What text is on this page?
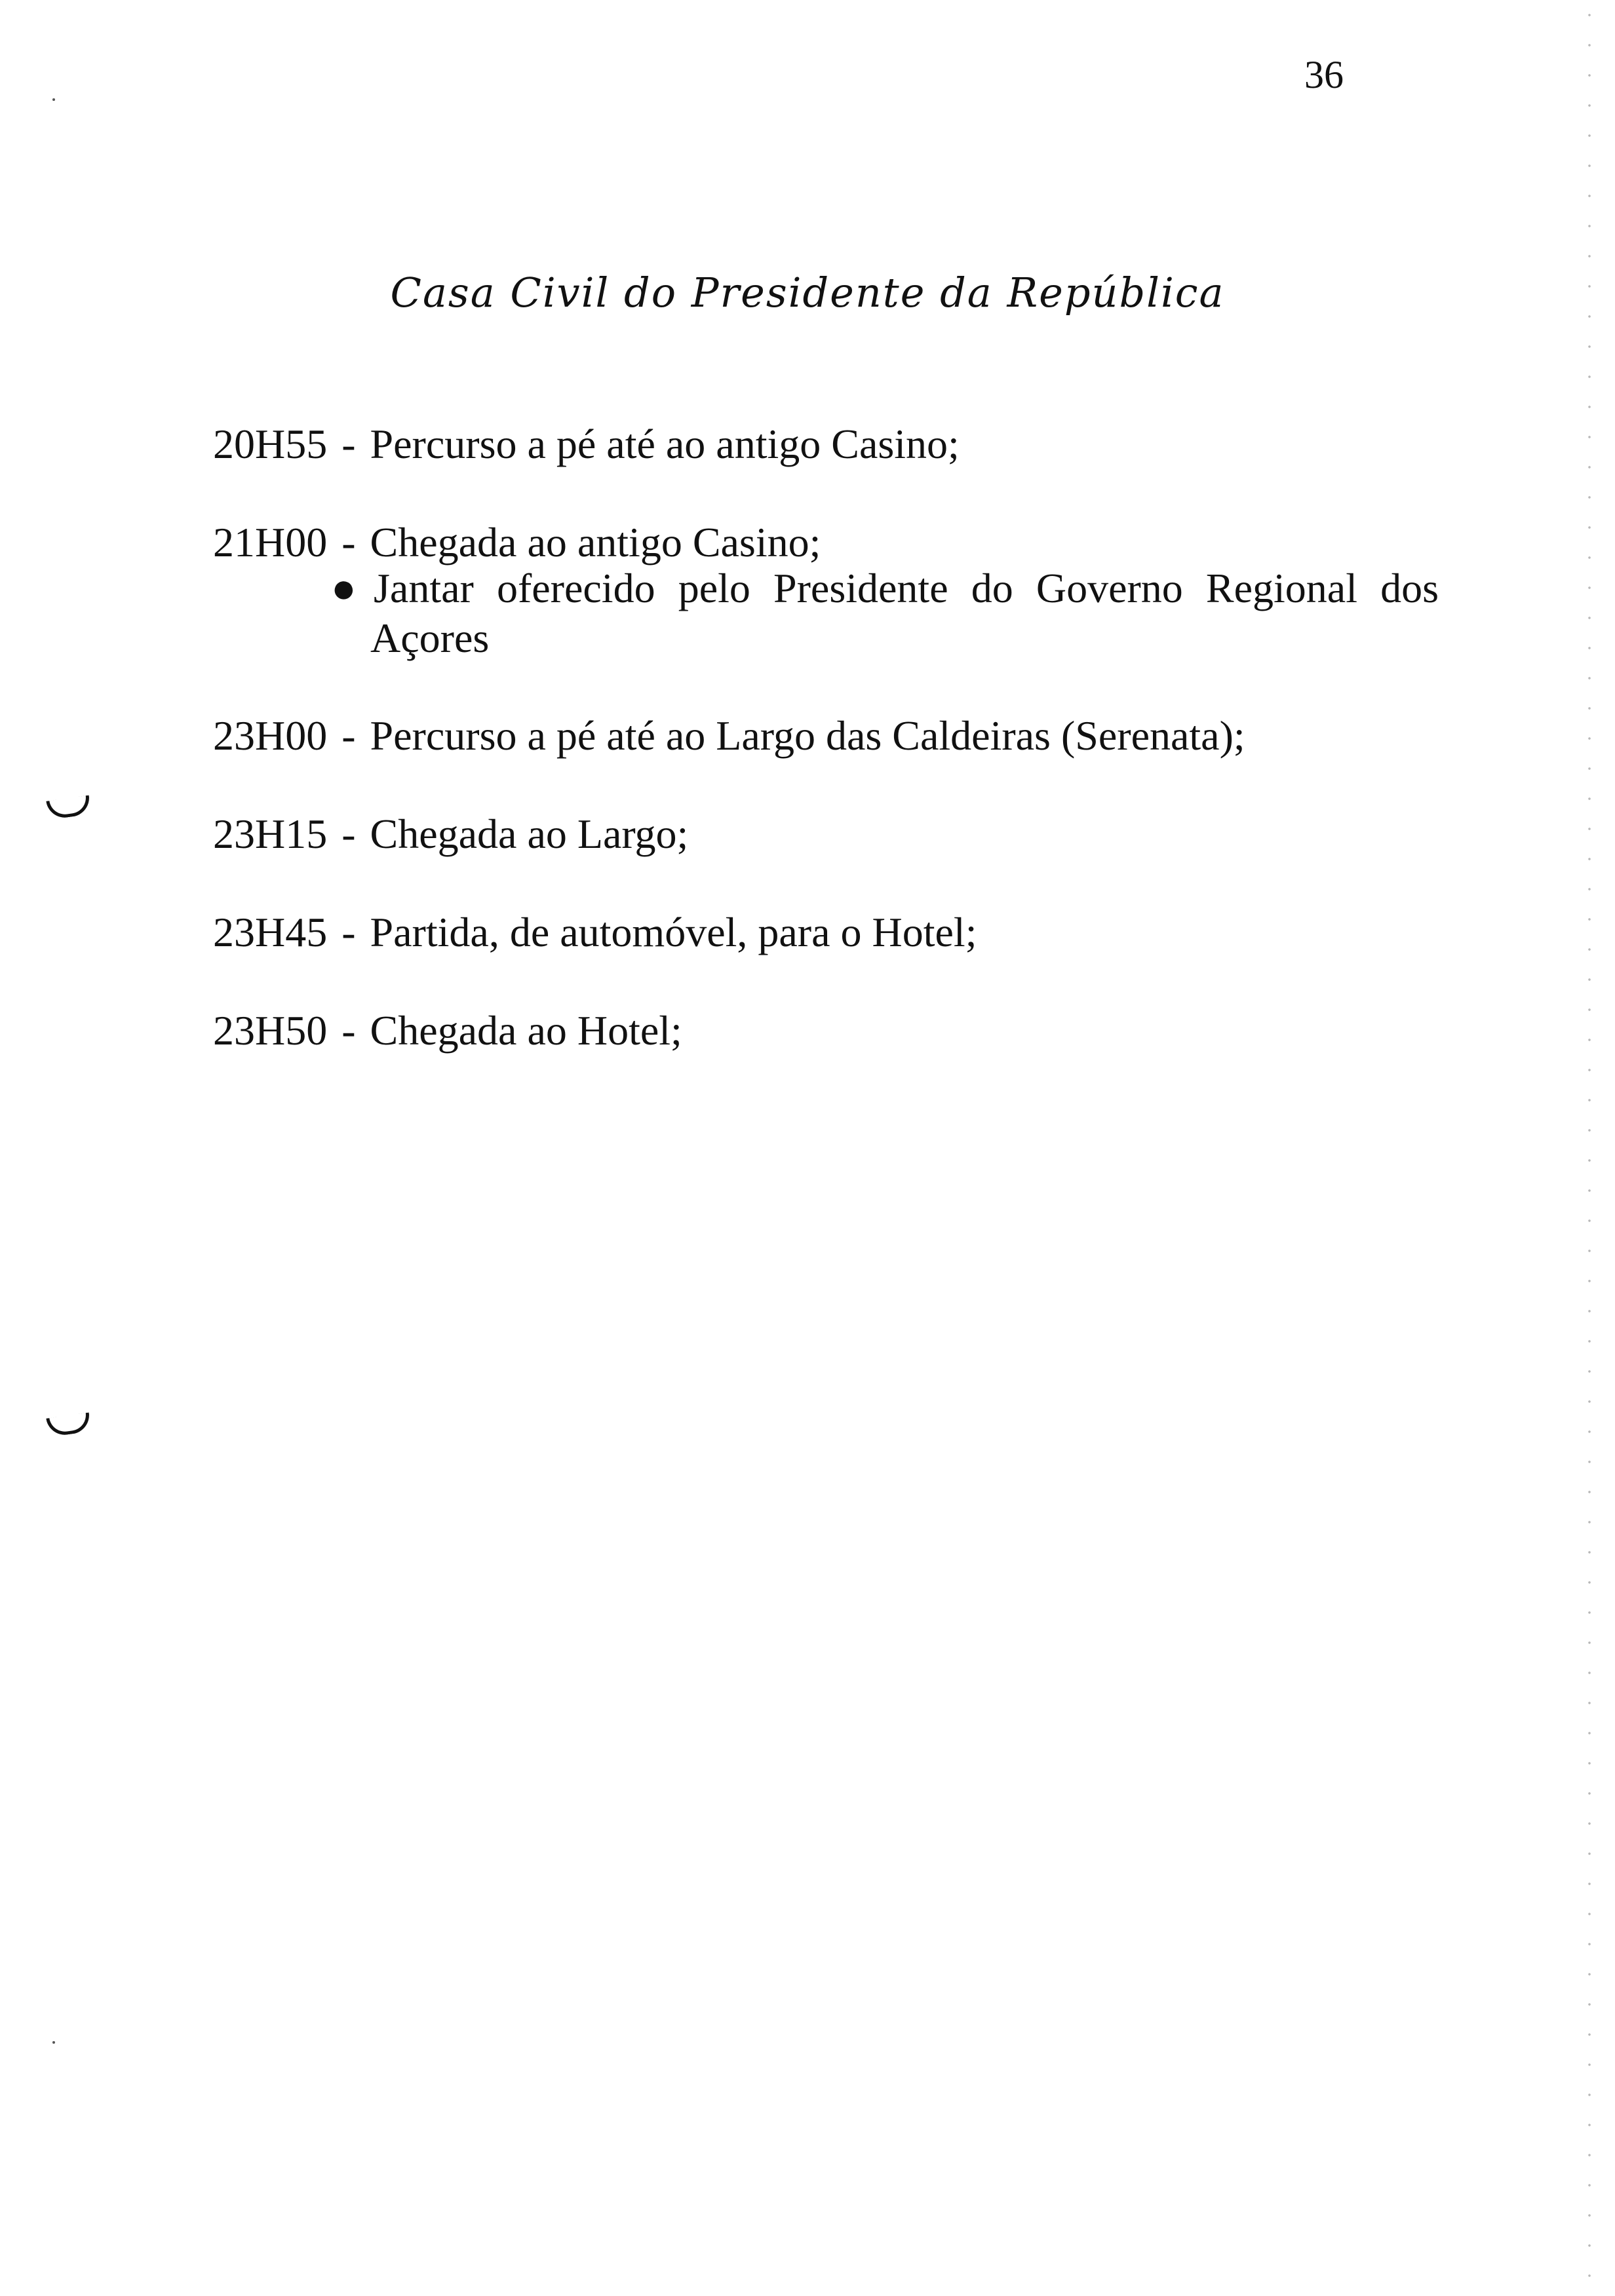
36
Casa Civil do Presidente da República
20H55 - Percurso a pé até ao antigo Casino;
21H00 - Chegada ao antigo Casino;
● Jantar oferecido pelo Presidente do Governo Regional dos
Açores
23H00 - Percurso a pé até ao Largo das Caldeiras (Serenata);
23H15 - Chegada ao Largo;
23H45 - Partida, de automóvel, para o Hotel;
23H50 - Chegada ao Hotel;
